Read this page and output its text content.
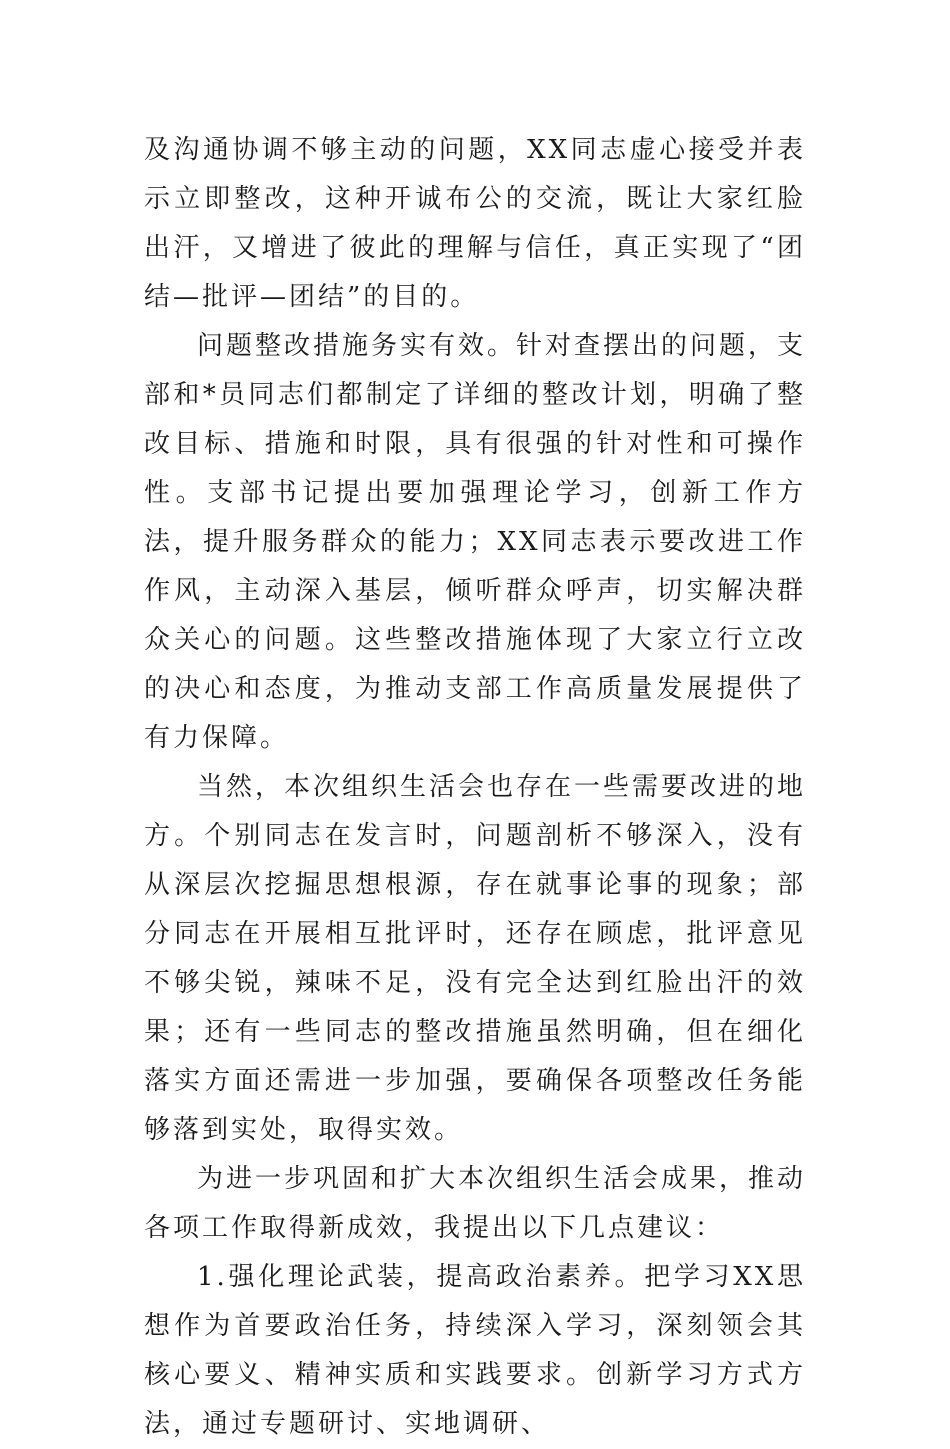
及沟通协调不够主动的问题，XX同志虚心接受并表示立即整改，这种开诚布公的交流，既让大家红脸出汗，又增进了彼此的理解与信任，真正实现了“团结—批评—团结”的目的。

问题整改措施务实有效。针对查摆出的问题，支部和*员同志们都制定了详细的整改计划，明确了整改目标、措施和时限，具有很强的针对性和可操作性。支部书记提出要加强理论学习，创新工作方法，提升服务群众的能力；XX同志表示要改进工作作风，主动深入基层，倾听群众呼声，切实解决群众关心的问题。这些整改措施体现了大家立行立改的决心和态度，为推动支部工作高质量发展提供了有力保障。

当然，本次组织生活会也存在一些需要改进的地方。个别同志在发言时，问题剖析不够深入，没有从深层次挖掘思想根源，存在就事论事的现象；部分同志在开展相互批评时，还存在顾虑，批评意见不够尖锐，辣味不足，没有完全达到红脸出汗的效果；还有一些同志的整改措施虽然明确，但在细化落实方面还需进一步加强，要确保各项整改任务能够落到实处，取得实效。

为进一步巩固和扩大本次组织生活会成果，推动各项工作取得新成效，我提出以下几点建议：

1.强化理论武装，提高政治素养。把学习XX思想作为首要政治任务，持续深入学习，深刻领会其核心要义、精神实质和实践要求。创新学习方式方法，通过专题研讨、实地调研、
